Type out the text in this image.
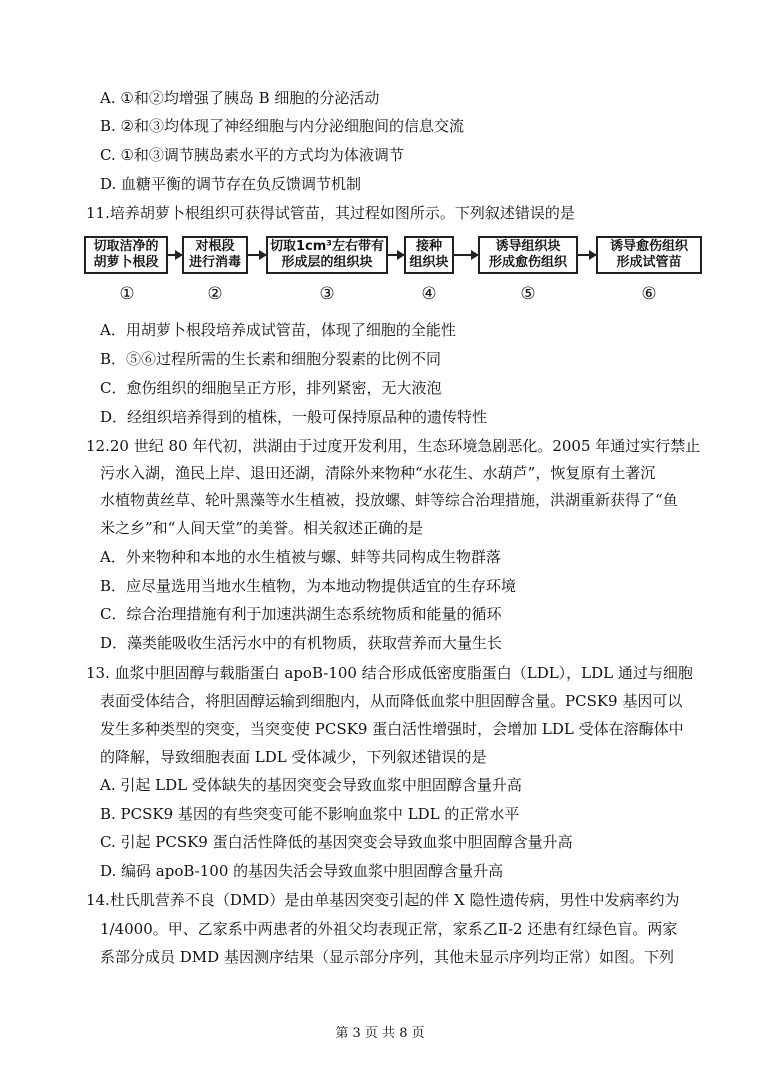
A. ①和②均增强了胰岛 B 细胞的分泌活动
B. ②和③均体现了神经细胞与内分泌细胞间的信息交流
C. ①和③调节胰岛素水平的方式均为体液调节
D. 血糖平衡的调节存在负反馈调节机制
11.培养胡萝卜根组织可获得试管苗，其过程如图所示。下列叙述错误的是
切取洁净的
胡萝卜根段
对根段
进行消毒
切取1cm³左右带有
形成层的组织块
接种
组织块
诱导组织块
形成愈伤组织
诱导愈伤组织
形成试管苗
①	②	③	④	⑤	⑥
A．用胡萝卜根段培养成试管苗，体现了细胞的全能性
B．⑤⑥过程所需的生长素和细胞分裂素的比例不同
C．愈伤组织的细胞呈正方形，排列紧密，无大液泡
D．经组织培养得到的植株，一般可保持原品种的遗传特性
12.20 世纪 80 年代初，洪湖由于过度开发利用，生态环境急剧恶化。2005 年通过实行禁止
污水入湖，渔民上岸、退田还湖，清除外来物种“水花生、水葫芦”，恢复原有土著沉
水植物黄丝草、轮叶黑藻等水生植被，投放螺、蚌等综合治理措施，洪湖重新获得了“鱼
米之乡”和“人间天堂”的美誉。相关叙述正确的是
A．外来物种和本地的水生植被与螺、蚌等共同构成生物群落
B．应尽量选用当地水生植物，为本地动物提供适宜的生存环境
C．综合治理措施有利于加速洪湖生态系统物质和能量的循环
D．藻类能吸收生活污水中的有机物质，获取营养而大量生长
13. 血浆中胆固醇与载脂蛋白 apoB-100 结合形成低密度脂蛋白（LDL），LDL 通过与细胞
表面受体结合，将胆固醇运输到细胞内，从而降低血浆中胆固醇含量。PCSK9 基因可以
发生多种类型的突变，当突变使 PCSK9 蛋白活性增强时，会增加 LDL 受体在溶酶体中
的降解，导致细胞表面 LDL 受体减少，下列叙述错误的是
A. 引起 LDL 受体缺失的基因突变会导致血浆中胆固醇含量升高
B. PCSK9 基因的有些突变可能不影响血浆中 LDL 的正常水平
C. 引起 PCSK9 蛋白活性降低的基因突变会导致血浆中胆固醇含量升高
D. 编码 apoB-100 的基因失活会导致血浆中胆固醇含量升高
14.杜氏肌营养不良（DMD）是由单基因突变引起的伴 X 隐性遗传病，男性中发病率约为
1/4000。甲、乙家系中两患者的外祖父均表现正常，家系乙Ⅱ-2 还患有红绿色盲。两家
系部分成员 DMD 基因测序结果（显示部分序列，其他未显示序列均正常）如图。下列
第 3 页 共 8 页
